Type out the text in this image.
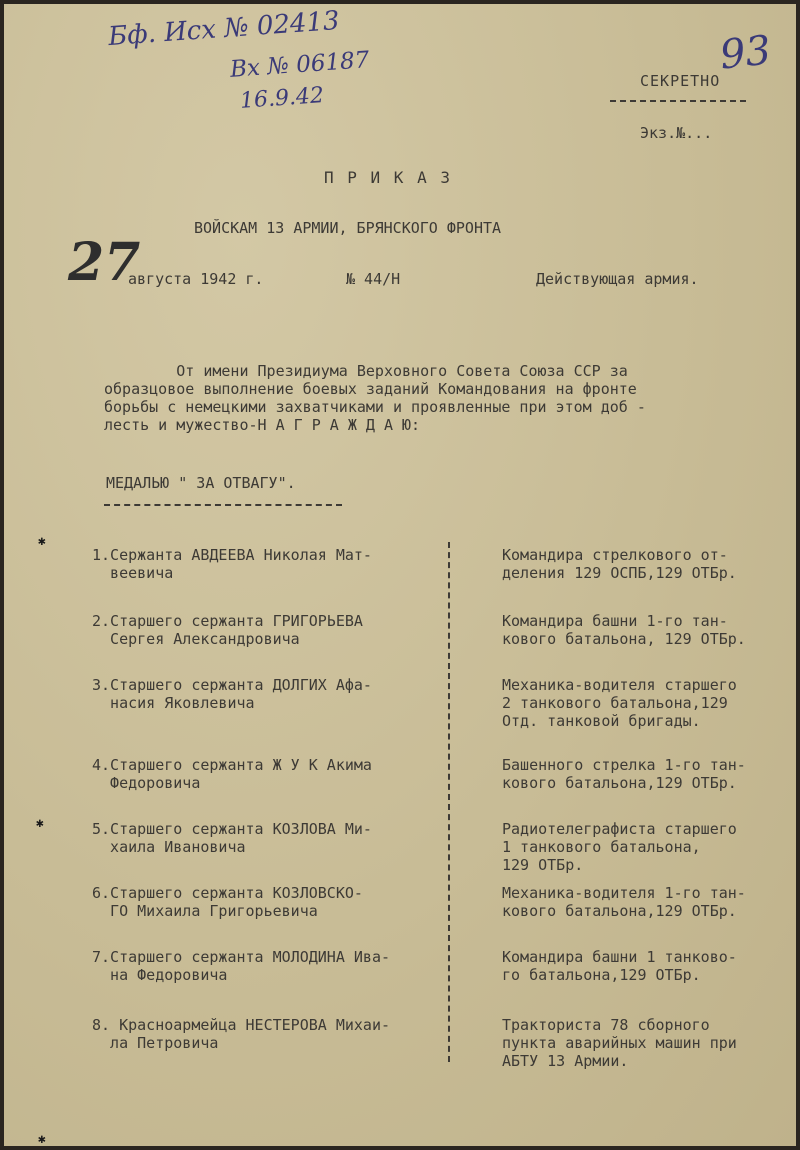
Бф. Исх № 02413
Вх № 06187
16.9.42
93
СЕКРЕТНО
Экз.№...
П Р И К А З
ВОЙСКАМ 13 АРМИИ, БРЯНСКОГО ФРОНТА
27
августа 1942 г.	№ 44/Н	Действующая армия.
От имени Президиума Верховного Совета Союза ССР за
образцовое выполнение боевых заданий Командования на фронте
борьбы с немецкими захватчиками и проявленные при этом доб -
лесть и мужество-Н А Г Р А Ж Д А Ю:
МЕДАЛЬЮ " ЗА ОТВАГУ".
1.Сержанта АВДЕЕВА Николая Мат-
веевича
Командира стрелкового от-
деления 129 ОСПБ,129 ОТБр.
2.Старшего сержанта ГРИГОРЬЕВА
Сергея Александровича
Командира башни 1-го тан-
кового батальона, 129 ОТБр.
3.Старшего сержанта ДОЛГИХ Афа-
насия Яковлевича
Механика-водителя старшего
2 танкового батальона,129
Отд. танковой бригады.
4.Старшего сержанта Ж У К Акима
Федоровича
Башенного стрелка 1-го тан-
кового батальона,129 ОТБр.
5.Старшего сержанта КОЗЛОВА Ми-
хаила Ивановича
Радиотелеграфиста старшего
1 танкового батальона,
129 ОТБр.
6.Старшего сержанта КОЗЛОВСКО-
ГО Михаила Григорьевича
Механика-водителя 1-го тан-
кового батальона,129 ОТБр.
7.Старшего сержанта МОЛОДИНА Ива-
на Федоровича
Командира башни 1 танково-
го батальона,129 ОТБр.
8. Красноармейца НЕСТЕРОВА Михаи-
ла Петровича
Тракториста 78 сборного
пункта аварийных машин при
АБТУ 13 Армии.
✱
✱
✱
